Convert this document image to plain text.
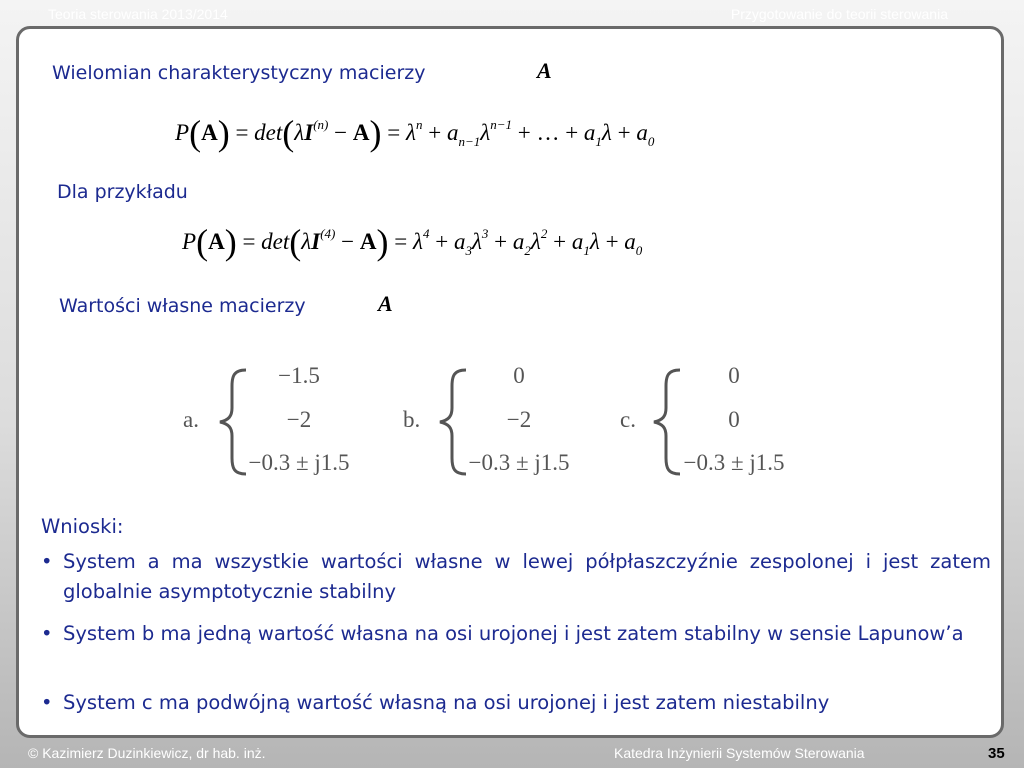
Teoria sterowania 2013/2014	Przygotowanie do teorii sterowania
Wielomian charakterystyczny macierzy	A
$P(A) = \det(\lambda I^{(n)} - A) = \lambda^n + a_{n-1}\lambda^{n-1}$ + … + $a_1\lambda + a_0$
Dla przykładu
$P(A) = \det(\lambda I^{(4)} - A) = \lambda^4 + a_3\lambda^3 + a_2\lambda^2 + a_1\lambda + a_0$
Wartości własne macierzy	A
a.
−1.5
−2
−0.3 ± j1.5
b.
0
−2
−0.3 ± j1.5
c.
0
0
−0.3 ± j1.5
Wnioski:
• System a ma wszystkie wartości własne w lewej półpłaszczyźnie zespolonej i jest zatem globalnie asymptotycznie stabilny
• System b ma jedną wartość własna na osi urojonej i jest zatem stabilny w sensie Lapunow’a
• System c ma podwójną wartość własną na osi urojonej i jest zatem niestabilny
© Kazimierz Duzinkiewicz, dr hab. inż.	Katedra Inżynierii Systemów Sterowania	35
